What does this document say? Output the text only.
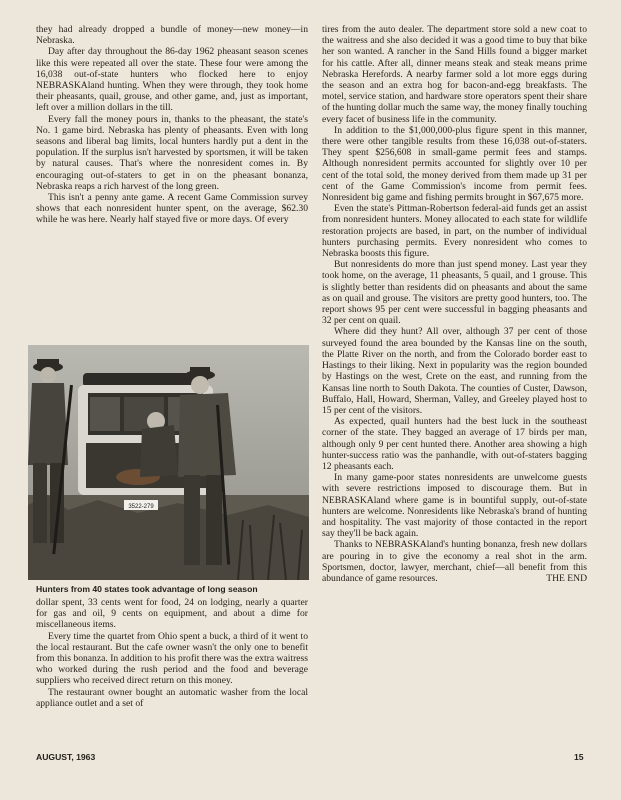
they had already dropped a bundle of money—new money—in Nebraska.

Day after day throughout the 86-day 1962 pheasant season scenes like this were repeated all over the state. These four were among the 16,038 out-of-state hunters who flocked here to enjoy NEBRASKAland hunting. When they were through, they took home their pheasants, quail, grouse, and other game, and, just as important, left over a million dollars in the till.

Every fall the money pours in, thanks to the pheasant, the state's No. 1 game bird. Nebraska has plenty of pheasants. Even with long seasons and liberal bag limits, local hunters hardly put a dent in the population. If the surplus isn't harvested by sportsmen, it will be taken by natural causes. That's where the nonresident comes in. By encouraging out-of-staters to get in on the pheasant bonanza, Nebraska reaps a rich harvest of the long green.

This isn't a penny ante game. A recent Game Commission survey shows that each nonresident hunter spent, on the average, $62.30 while he was here. Nearly half stayed five or more days. Of every

3522-279
Hunters from 40 states took advantage of long season

dollar spent, 33 cents went for food, 24 on lodging, nearly a quarter for gas and oil, 9 cents on equipment, and about a dime for miscellaneous items.

Every time the quartet from Ohio spent a buck, a third of it went to the local restaurant. But the cafe owner wasn't the only one to benefit from this bonanza. In addition to his profit there was the extra waitress who worked during the rush period and the food and beverage suppliers who received direct return on this money.

The restaurant owner bought an automatic washer from the local appliance outlet and a set of

tires from the auto dealer. The department store sold a new coat to the waitress and she also decided it was a good time to buy that bike her son wanted. A rancher in the Sand Hills found a bigger market for his cattle. After all, dinner means steak and steak means prime Nebraska Herefords. A nearby farmer sold a lot more eggs during the season and an extra hog for bacon-and-egg breakfasts. The motel, service station, and hardware store operators spent their share of the hunting dollar much the same way, the money finally touching every facet of business life in the community.

In addition to the $1,000,000-plus figure spent in this manner, there were other tangible results from these 16,038 out-of-staters. They spent $256,608 in small-game permit fees and stamps. Although nonresident permits accounted for slightly over 10 per cent of the total sold, the money derived from them made up 31 per cent of the Game Commission's income from permit fees. Nonresident big game and fishing permits brought in $67,675 more.

Even the state's Pittman-Robertson federal-aid funds get an assist from nonresident hunters. Money allocated to each state for wildlife restoration projects are based, in part, on the number of individual hunters purchasing permits. Every nonresident who comes to Nebraska boosts this figure.

But nonresidents do more than just spend money. Last year they took home, on the average, 11 pheasants, 5 quail, and 1 grouse. This is slightly better than residents did on pheasants and about the same as on quail and grouse. The visitors are pretty good hunters, too. The report shows 95 per cent were successful in bagging pheasants and 32 per cent on quail.

Where did they hunt? All over, although 37 per cent of those surveyed found the area bounded by the Kansas line on the south, the Platte River on the north, and from the Colorado border east to Hastings to their liking. Next in popularity was the region bounded by Hastings on the west, Crete on the east, and running from the Kansas line north to South Dakota. The counties of Custer, Dawson, Buffalo, Hall, Howard, Sherman, Valley, and Greeley played host to 15 per cent of the visitors.

As expected, quail hunters had the best luck in the southeast corner of the state. They bagged an average of 17 birds per man, although only 9 per cent hunted there. Another area showing a high hunter-success ratio was the panhandle, with out-of-staters bagging 12 pheasants each.

In many game-poor states nonresidents are unwelcome guests with severe restrictions imposed to discourage them. But in NEBRASKAland where game is in bountiful supply, out-of-state hunters are welcome. Nonresidents like Nebraska's brand of hunting and hospitality. The vast majority of those contacted in the report say they'll be back again.

Thanks to NEBRASKAland's hunting bonanza, fresh new dollars are pouring in to give the economy a real shot in the arm. Sportsmen, doctor, lawyer, merchant, chief—all benefit from this abundance of game resources.	THE END

AUGUST, 1963	15
